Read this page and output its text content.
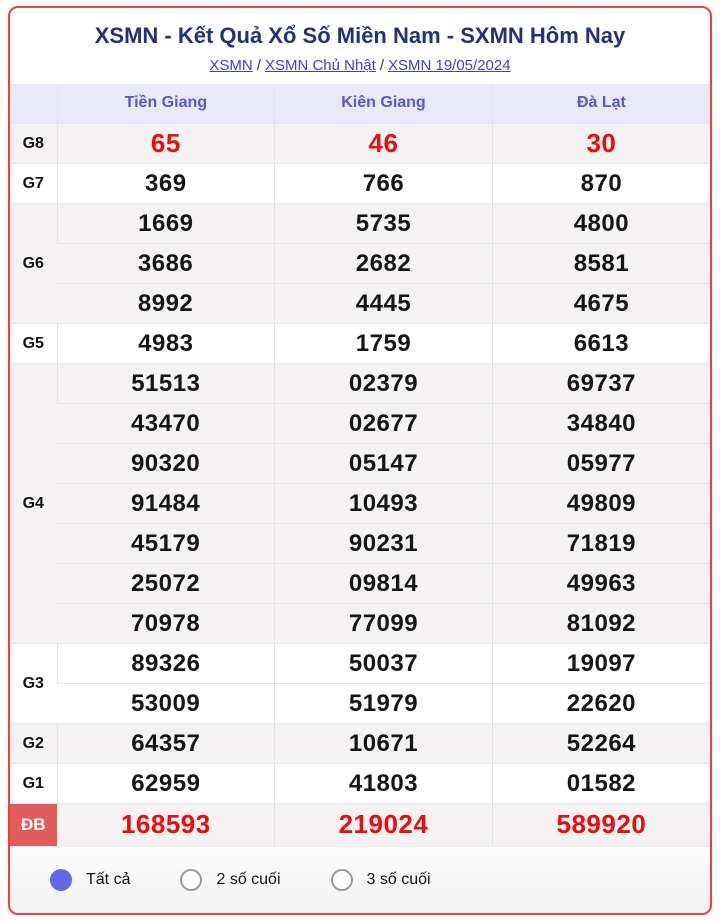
XSMN - Kết Quả Xổ Số Miền Nam - SXMN Hôm Nay
XSMN / XSMN Chủ Nhật / XSMN 19/05/2024
	Tiền Giang	Kiên Giang	Đà Lạt
G8	65	46	30
G7	369	766	870
G6	1669	5735	4800
	3686	2682	8581
	8992	4445	4675
G5	4983	1759	6613
G4	51513	02379	69737
	43470	02677	34840
	90320	05147	05977
	91484	10493	49809
	45179	90231	71819
	25072	09814	49963
	70978	77099	81092
G3	89326	50037	19097
	53009	51979	22620
G2	64357	10671	52264
G1	62959	41803	01582
ĐB	168593	219024	589920
Tất cả	2 số cuối	3 số cuối
